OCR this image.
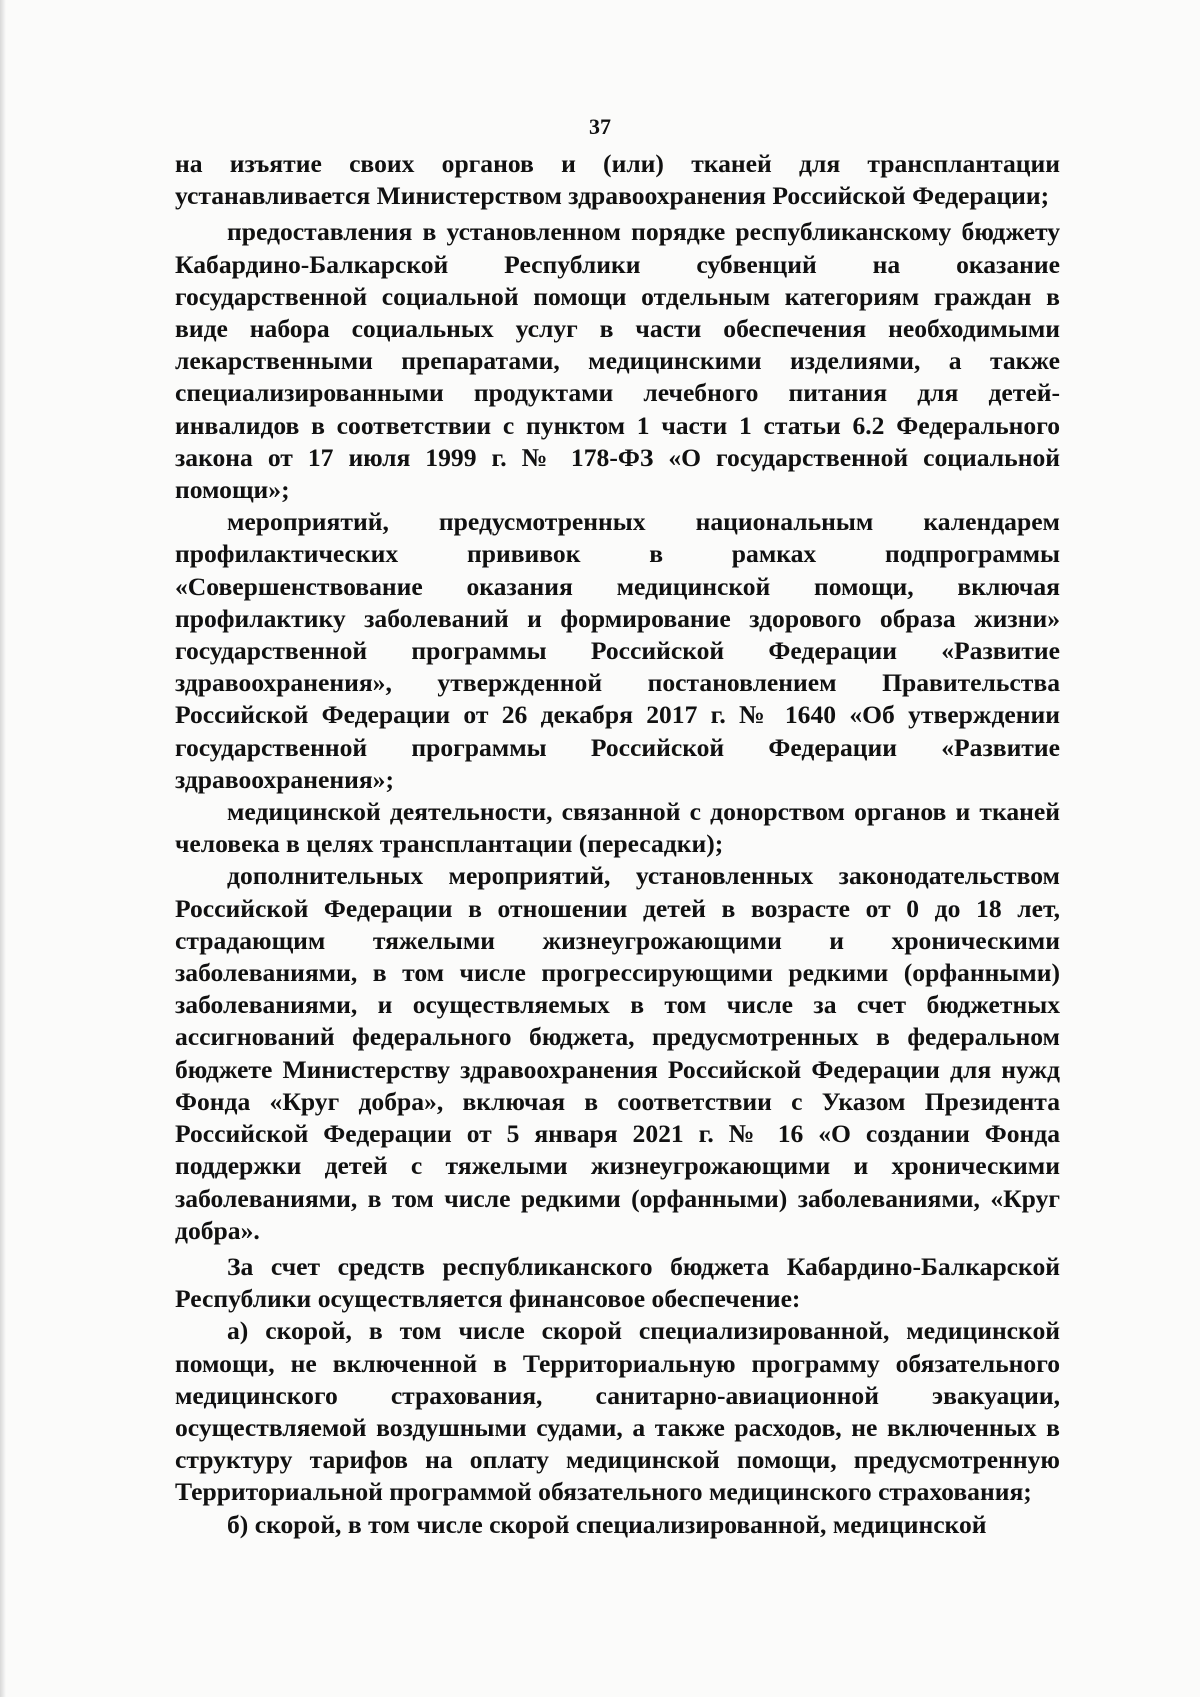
37

на изъятие своих органов и (или) тканей для трансплантации устанавливается Министерством здравоохранения Российской Федерации;

предоставления в установленном порядке республиканскому бюджету Кабардино-Балкарской Республики субвенций на оказание государственной социальной помощи отдельным категориям граждан в виде набора социальных услуг в части обеспечения необходимыми лекарственными препаратами, медицинскими изделиями, а также специализированными продуктами лечебного питания для детей-инвалидов в соответствии с пунктом 1 части 1 статьи 6.2 Федерального закона от 17 июля 1999 г. № 178-ФЗ «О государственной социальной помощи»;

мероприятий, предусмотренных национальным календарем профилактических прививок в рамках подпрограммы «Совершенствование оказания медицинской помощи, включая профилактику заболеваний и формирование здорового образа жизни» государственной программы Российской Федерации «Развитие здравоохранения», утвержденной постановлением Правительства Российской Федерации от 26 декабря 2017 г. № 1640 «Об утверждении государственной программы Российской Федерации «Развитие здравоохранения»;

медицинской деятельности, связанной с донорством органов и тканей человека в целях трансплантации (пересадки);

дополнительных мероприятий, установленных законодательством Российской Федерации в отношении детей в возрасте от 0 до 18 лет, страдающим тяжелыми жизнеугрожающими и хроническими заболеваниями, в том числе прогрессирующими редкими (орфанными) заболеваниями, и осуществляемых в том числе за счет бюджетных ассигнований федерального бюджета, предусмотренных в федеральном бюджете Министерству здравоохранения Российской Федерации для нужд Фонда «Круг добра», включая в соответствии с Указом Президента Российской Федерации от 5 января 2021 г. № 16 «О создании Фонда поддержки детей с тяжелыми жизнеугрожающими и хроническими заболеваниями, в том числе редкими (орфанными) заболеваниями, «Круг добра».

За счет средств республиканского бюджета Кабардино-Балкарской Республики осуществляется финансовое обеспечение:

а) скорой, в том числе скорой специализированной, медицинской помощи, не включенной в Территориальную программу обязательного медицинского страхования, санитарно-авиационной эвакуации, осуществляемой воздушными судами, а также расходов, не включенных в структуру тарифов на оплату медицинской помощи, предусмотренную Территориальной программой обязательного медицинского страхования;

б) скорой, в том числе скорой специализированной, медицинской
